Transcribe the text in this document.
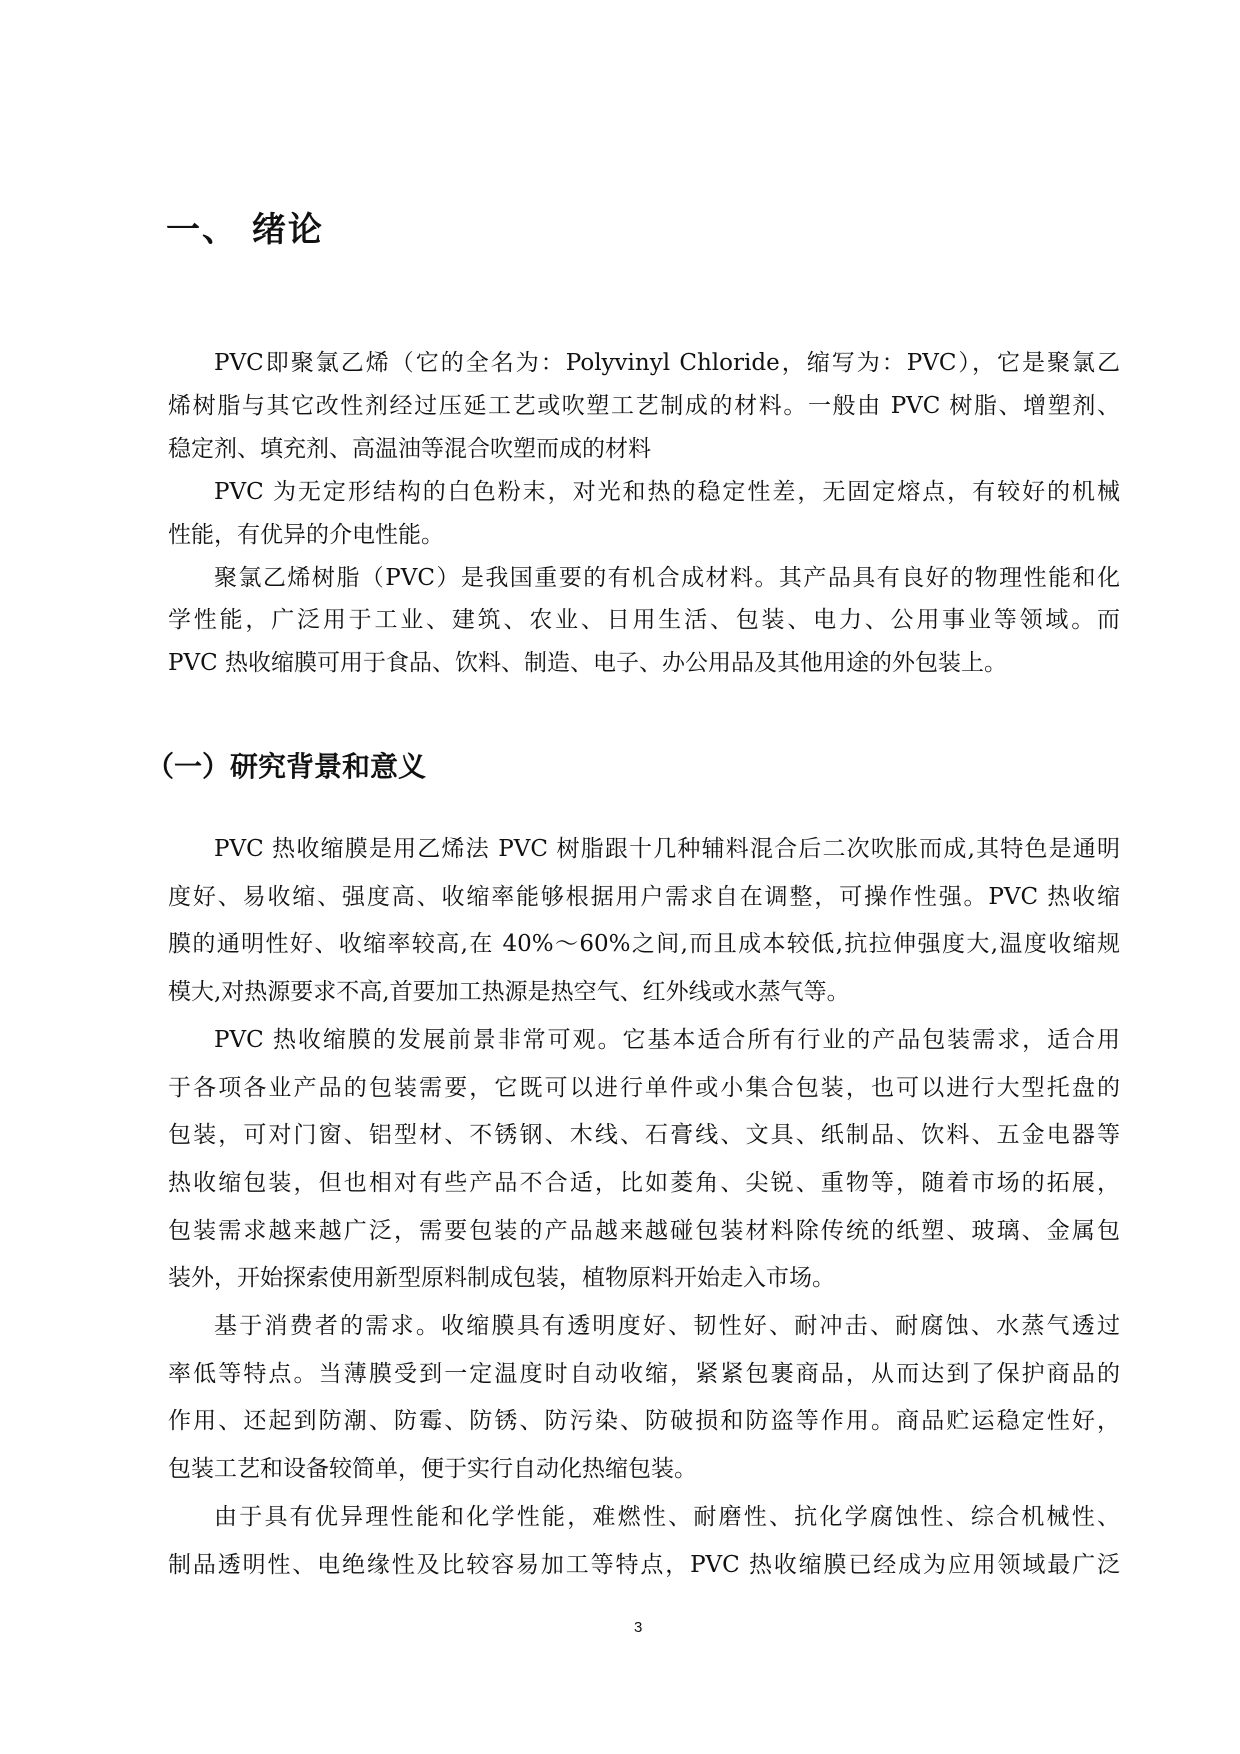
一、 绪论
PVC即聚氯乙烯（它的全名为：Polyvinyl Chloride，缩写为：PVC），它是聚氯乙
烯树脂与其它改性剂经过压延工艺或吹塑工艺制成的材料。一般由 PVC 树脂、增塑剂、
稳定剂、填充剂、高温油等混合吹塑而成的材料
PVC 为无定形结构的白色粉末，对光和热的稳定性差，无固定熔点，有较好的机械
性能，有优异的介电性能。
聚氯乙烯树脂（PVC）是我国重要的有机合成材料。其产品具有良好的物理性能和化
学性能，广泛用于工业、建筑、农业、日用生活、包装、电力、公用事业等领域。而
PVC 热收缩膜可用于食品、饮料、制造、电子、办公用品及其他用途的外包装上。
（一）研究背景和意义
PVC 热收缩膜是用乙烯法 PVC 树脂跟十几种辅料混合后二次吹胀而成,其特色是通明
度好、易收缩、强度高、收缩率能够根据用户需求自在调整，可操作性强。PVC 热收缩
膜的通明性好、收缩率较高,在 40%～60%之间,而且成本较低,抗拉伸强度大,温度收缩规
模大,对热源要求不高,首要加工热源是热空气、红外线或水蒸气等。
PVC 热收缩膜的发展前景非常可观。它基本适合所有行业的产品包装需求，适合用
于各项各业产品的包装需要，它既可以进行单件或小集合包装，也可以进行大型托盘的
包装，可对门窗、铝型材、不锈钢、木线、石膏线、文具、纸制品、饮料、五金电器等
热收缩包装，但也相对有些产品不合适，比如菱角、尖锐、重物等，随着市场的拓展，
包装需求越来越广泛，需要包装的产品越来越碰包装材料除传统的纸塑、玻璃、金属包
装外，开始探索使用新型原料制成包装，植物原料开始走入市场。
基于消费者的需求。收缩膜具有透明度好、韧性好、耐冲击、耐腐蚀、水蒸气透过
率低等特点。当薄膜受到一定温度时自动收缩，紧紧包裹商品，从而达到了保护商品的
作用、还起到防潮、防霉、防锈、防污染、防破损和防盗等作用。商品贮运稳定性好，
包装工艺和设备较简单，便于实行自动化热缩包装。
由于具有优异理性能和化学性能，难燃性、耐磨性、抗化学腐蚀性、综合机械性、
制品透明性、电绝缘性及比较容易加工等特点，PVC 热收缩膜已经成为应用领域最广泛
3
